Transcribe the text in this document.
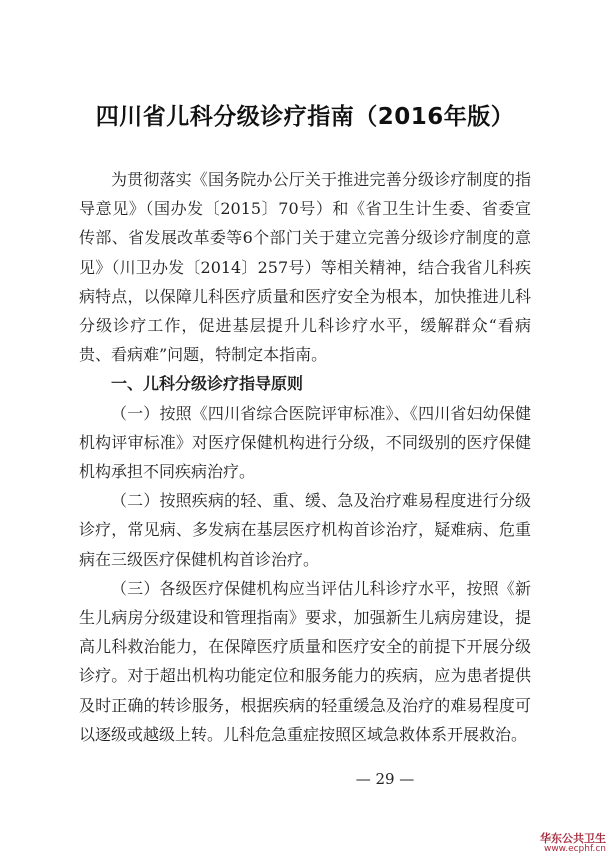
四川省儿科分级诊疗指南（2016年版）

为贯彻落实《国务院办公厅关于推进完善分级诊疗制度的指导意见》（国办发〔2015〕70号）和《省卫生计生委、省委宣传部、省发展改革委等6个部门关于建立完善分级诊疗制度的意见》（川卫办发〔2014〕257号）等相关精神，结合我省儿科疾病特点，以保障儿科医疗质量和医疗安全为根本，加快推进儿科分级诊疗工作，促进基层提升儿科诊疗水平，缓解群众“看病贵、看病难”问题，特制定本指南。

一、儿科分级诊疗指导原则

（一）按照《四川省综合医院评审标准》、《四川省妇幼保健机构评审标准》对医疗保健机构进行分级，不同级别的医疗保健机构承担不同疾病治疗。

（二）按照疾病的轻、重、缓、急及治疗难易程度进行分级诊疗，常见病、多发病在基层医疗机构首诊治疗，疑难病、危重病在三级医疗保健机构首诊治疗。

（三）各级医疗保健机构应当评估儿科诊疗水平，按照《新生儿病房分级建设和管理指南》要求，加强新生儿病房建设，提高儿科救治能力，在保障医疗质量和医疗安全的前提下开展分级诊疗。对于超出机构功能定位和服务能力的疾病，应为患者提供及时正确的转诊服务，根据疾病的轻重缓急及治疗的难易程度可以逐级或越级上转。儿科危急重症按照区域急救体系开展救治。

— 29 —
华东公共卫生
www.ecphf.cn
